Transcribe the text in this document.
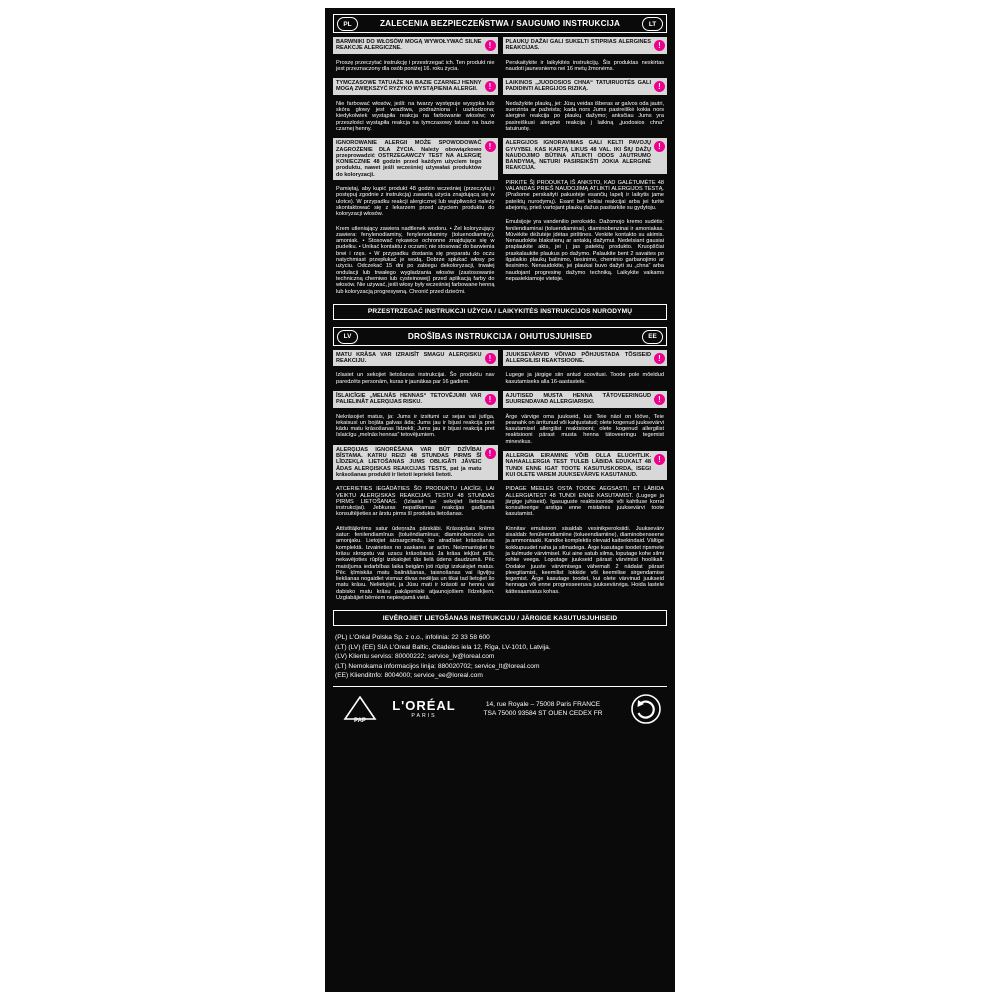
PL	ZALECENIA BEZPIECZEŃSTWA / SAUGUMO INSTRUKCIJA	LT
BARWNIKI DO WŁOSÓW MOGĄ WYWOŁYWAĆ SILNE REAKCJE ALERGICZNE.	!
Proszę przeczytać instrukcję i przestrzegać ich. Ten produkt nie jest przeznaczony dla osób poniżej 16. roku życia.
TYMCZASOWE TATUAŻE NA BAZIE CZARNEJ HENNY MOGĄ ZWIĘKSZYĆ RYZYKO WYSTĄPIENIA ALERGII.	!
Nie farbować włosów, jeśli: na twarzy występuje wysypka lub skóra głowy jest wrażliwa, podrażniona i uszkodzona; kiedykolwiek wystąpiła reakcja na farbowanie włosów; w przeszłości wystąpiła reakcja na tymczasowy tatuaż na bazie czarnej henny.
IGNOROWANIE ALERGII MOŻE SPOWODOWAĆ ZAGROŻENIE DLA ŻYCIA. Należy obowiązkowo przeprowadzić OSTRZEGAWCZY TEST NA ALERGIĘ KONIECZNIE 48 godzin przed każdym użyciem tego produktu, nawet jeśli wcześniej używałaś produktów do koloryzacji.
!
Pamiętaj, aby kupić produkt 48 godzin wcześniej (przeczytaj i postępuj zgodnie z instrukcją) zawartą użycia znajdującą się w ulotce). W przypadku reakcji alergicznej lub wątpliwości należy skontaktować się z lekarzem przed użyciem produktu do koloryzacji włosów.
Krem utleniający zawiera nadtlenek wodoru. • Żel koloryzujący zawiera: fenylenodiaminy, fenylenodiaminy (toluenodiaminy), amoniak. • Stosować rękawice ochronne znajdujące się w pudełku. • Unikać kontaktu z oczami; nie stosować do barwienia brwi i rzęs. • W przypadku dostania się preparatu do oczu natychmiast przepłukać je wodą. Dobrze spłukać włosy po użyciu. Odczekać 15 dni po zabiegu dekoloryzacji, trwałej ondulacji lub trwałego wygładzania włosów (zastosowanie techniczną chemiwo lub cysteinowej) przed aplikacją farby do włosów. Nie używać, jeśli włosy były wcześniej farbowane henną lub koloryzacją progresywną. Chronić przed dziećmi.
PLAUKŲ DAŽAI GALI SUKELTI STIPRIAS ALERGINES REAKCIJAS.	!
Perskaitykite ir laikykitės instrukcijų. Šis produktas neskirtas naudoti jaunesniems nei 16 metų žmonėms.
LAIKINOS „JUODOSIOS CHNA“ TATUIRUOTĖS GALI PADIDINTI ALERGIJOS RIZIKĄ.	!
Nedažykite plaukų, jei: Jūsų veidas išberas ar galvos oda jautri, suerzinta ar pažeista; kada nors Jums pasireiškė kokia nors alerginė reakcija po plaukų dažymo; anksčiau Jums yra pasireiškusi alerginė reakcija į laikiną „juodosios chna“ tatuiruotę.
ALERGIJOS IGNORAVIMAS GALI KELTI PAVOJŲ GYVYBEI. KAS KARTĄ LIKUS 48 VAL. IKI ŠIŲ DAŽŲ NAUDOJIMO BŪTINA ATLIKTI ODOS JAUTRUMO BANDYMĄ, NETURI PASIREIKŠTI JOKIA ALERGINĖ REAKCIJA.
!
PIRKITE ŠĮ PRODUKTĄ IŠ ANKSTO, KAD GALĖTUMĖTE 48 VALANDAS PRIEŠ NAUDOJIMĄ ATLIKTI ALERGIJOS TESTĄ. (Prašome perskaityti pakuotėje esančių lapelį ir laikytis jame pateiktų nurodymų). Esant bet kokiai reakcijai arba jei turite abejonių, prieš vartojant plaukų dažus pasitarkite su gydytoju.
Emulsijoje yra vandenilio peroksido. Dažomojo kremo sudėtis: fenilendiaminai (toluendiaminai), diaminobenzinai ir amoniakas. Mūvėkite dėžutėje įdėtas pirštines. Venkite kontakto su akimis. Nenaudokite blakstienų ar antakių dažymui. Nedelsiant gausiai praplaukite akis, jei į jas patektų produkto. Kruopščiai praskalaukite plaukus po dažymo. Palaukite bent 2 savaites po ilgalaikio plaukų balinimo, tiesinimo, cheminio garbanojimo ar tiesinimo. Nenaudokite, jei plaukai buvo dažyti su „chna“ arba naudojant progresinę dažymo techniką. Laikykite vaikams nepasiekiamoje vietoje.
PRZESTRZEGAĆ INSTRUKCJI UŻYCIA / LAIKYKITĖS INSTRUKCIJOS NURODYMŲ
LV	DROŠĪBAS INSTRUKCIJA / OHUTUSJUHISED	EE
MATU KRĀSA VAR IZRAISĪT SMAGU ALERĢISKU REAKCIJU.	!
Izlasiet un sekojiet lietošanas instrukcijai. Šo produktu nav paredzēts personām, kuras ir jaunākas par 16 gadiem.
ĪSLAICĪGIE „MELNĀS HENNAS“ TETOVĒJUMI VAR PALIELINĀT ALERĢIJAS RISKU.	!
Nekrāsojiet matus, ja: Jums ir izsitumi uz sejas vai jutīga, iekaisusi un bojāta galvas āda; Jums jau ir bijusi reakcija pret kādu matu krāsošanas līdzekli; Jums jau ir bijusi reakcija pret īslaicīgu „melnās hennas“ tetovējumiem.
ALERĢIJAS IGNORĒŠANA VAR BŪT DZĪVĪBAI BĪSTAMA. KATRU REIZI 48 STUNDAS PIRMS ŠĪ LĪDZEKĻA LIETOŠANAS JUMS OBLIGĀTI JĀVEIC ĀDAS ALERĢISKAS REAKCIJAS TESTS, pat ja matu krāsošanas produkti ir lietoti iepriekš lietoti.
!
ATCERIETIES IEGĀDĀTIES ŠO PRODUKTU LAICĪGI, LAI VEIKTU ALERĢISKAS REAKCIJAS TESTU 48 STUNDAS PIRMS LIETOŠANAS. (Izlasiet un sekojiet lietošanas instrukcijai). Jebkuras nepatīkamas reakcijas gadījumā konsultējieties ar ārstu pirms šī produkta lietošanas.
Attīstītājkrēms satur ūdeņraža pārskābi. Krāsojošais krēms satur: fenilendiamīnus (toluēndiamīnus; diaminobenzolu un amonjaku. Lietojiet aizsargcimdu, ko atradīsiet krāsošanas komplektā. Izvairieties no saskares ar acīm. Neizmantojiet to krāsu skropstu vai uzacu krāsošanai. Ja krāsa iekļūst acīs, nekavējoties rūpīgi izskalojiet tās lielā ūdens daudzumā. Pēc maisījuma iedarbības laika beigām ļoti rūpīgi izskalojiet matus. Pēc ķīmiskās matu balināšanas, taisnošanas vai ilgviļņu liekšanas nogaidiet vismaz divas nedēļas un tikai tad lietojiet šo matu krāsu. Nelietojiet, ja Jūsu mati ir krāsoti ar hennu vai dabisko matu krāsu pakāpeniski atjaunojošiem līdzekļiem. Uzglabājiet bērniem nepieejamā vietā.
JUUKSEVÄRVID VÕIVAD PÕHJUSTADA TÕSISEID ALLERGILISI REAKTSIOONE.	!
Lugege ja järgige siin antud soovitusi. Toode pole mõeldud kasutamiseks alla 16-aastastele.
AJUTISED MUSTA HENNA TÄTOVEERINGUD SUURENDAVAD ALLERGIARISKI.	!
Ärge värvige oma juukseid, kui: Teie näol on lööve, Teie peanahk on ärritunud või kahjustatud; olete kogenud juuksevärvi kasutamisel allergilist reaktsiooni; olete kogenud allergilist reaktsiooni pärast musta henna tätoveeringu tegemist minevikus.
ALLERGIA EIRAMINE VÕIB OLLA ELUOHTLIK. NAHAALLERGIA TEST TULEB LÄBIDA EDUKALT 48 TUNDI ENNE IGAT TOOTE KASUTUSKORDA, ISEGI KUI OLETE VAREM JUUKSEVÄRVE KASUTANUD.
!
PIDAGE MEELES OSTA TOODE AEGSASTI, ET LÄBIDA ALLERGIATEST 48 TUNDI ENNE KASUTAMIST. (Lugege ja järgige juhiseid). Igasuguste reaktsioonide või kahtluse korral konsulteerige arstiga enne mistahes juuksevärvi toote kasutamist.
Kinnitav emulsioon sisaldab vesinikperoksiidi. Juuksevärv sisaldab: fenüleendiamiine (tolueendiamiine), diaminobenseene ja ammoniaaki. Kandke komplektis olevaid kaitsekindaid. Vältige kokkupuudet naha ja silmadega. Ärge kasutage toodet ripsmete ja kulmude värvimisel. Kui aine satub silma, loputage kohe silmi rohke veega. Loputage juukseid pärast värvimist hoolikalt. Oodake juuste värvimisega vähemalt 2 nädalat pärast pleegitamist, keemilist lokkide või keemilise sirgendamise tegemist. Ärge kasutage toodet, kui olete värvinud juukseid hennaga või enne progresseeruva juuksevärviga. Hoida lastele kättesaamatus kohas.
IEVĒROJIET LIETOŠANAS INSTRUKCIJU / JÄRGIGE KASUTUSJUHISEID
(PL) L'Oréal Polska Sp. z o.o., infolinia: 22 33 58 600
(LT) (LV) (EE) SIA L'Oreal Baltic, Citadeles iela 12, Rīga, LV-1010, Latvija.
(LV) Klientu serviss: 80000222; service_lv@loreal.com
(LT) Nemokama informacijos linija: 880020702; service_lt@loreal.com
(EE) Klienditnfo: 8004000; service_ee@loreal.com
PAP
L'ORÉAL
PARIS
14, rue Royale – 75008 Paris FRANCE
TSA 75000 93584 ST OUEN CEDEX FR
